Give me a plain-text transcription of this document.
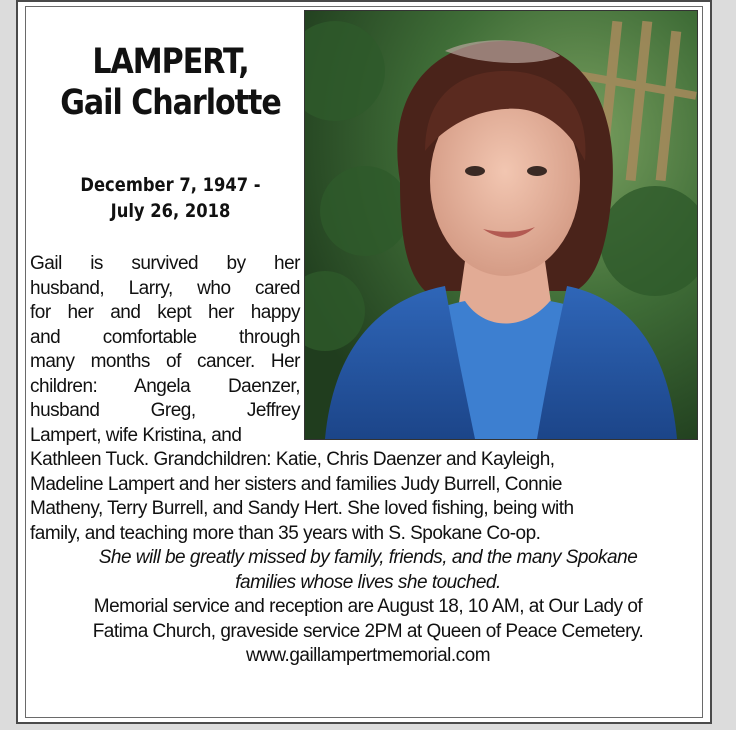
LAMPERT,
Gail Charlotte
December 7, 1947 -
July 26, 2018
Gail is survived by her
husband, Larry, who cared
for her and kept her happy
and comfortable through
many months of cancer. Her
children: Angela Daenzer,
husband Greg, Jeffrey
Lampert, wife Kristina, and
Kathleen Tuck. Grandchildren: Katie, Chris Daenzer and Kayleigh,
Madeline Lampert and her sisters and families Judy Burrell, Connie
Matheny, Terry Burrell, and Sandy Hert. She loved fishing, being with
family, and teaching more than 35 years with S. Spokane Co-op.
She will be greatly missed by family, friends, and the many Spokane
families whose lives she touched.
Memorial service and reception are August 18, 10 AM, at Our Lady of
Fatima Church, graveside service 2PM at Queen of Peace Cemetery.
www.gaillampertmemorial.com
